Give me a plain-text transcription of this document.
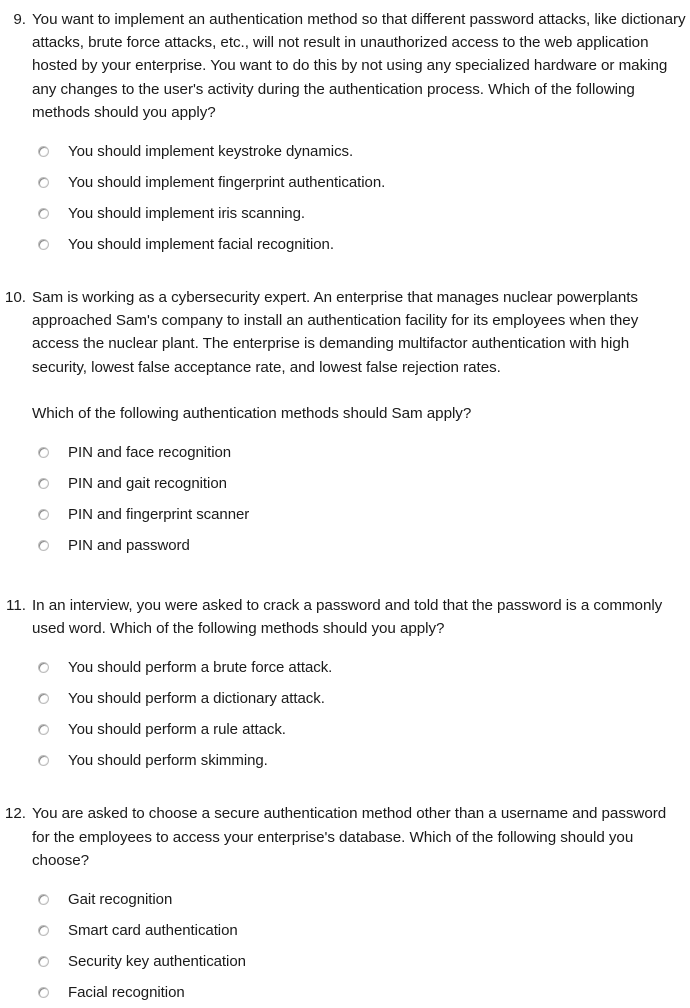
9. You want to implement an authentication method so that different password attacks, like dictionary attacks, brute force attacks, etc., will not result in unauthorized access to the web application hosted by your enterprise. You want to do this by not using any specialized hardware or making any changes to the user's activity during the authentication process. Which of the following methods should you apply?

You should implement keystroke dynamics.
You should implement fingerprint authentication.
You should implement iris scanning.
You should implement facial recognition.
10. Sam is working as a cybersecurity expert. An enterprise that manages nuclear powerplants approached Sam's company to install an authentication facility for its employees when they access the nuclear plant. The enterprise is demanding multifactor authentication with high security, lowest false acceptance rate, and lowest false rejection rates.

Which of the following authentication methods should Sam apply?

PIN and face recognition
PIN and gait recognition
PIN and fingerprint scanner
PIN and password
11. In an interview, you were asked to crack a password and told that the password is a commonly used word. Which of the following methods should you apply?

You should perform a brute force attack.
You should perform a dictionary attack.
You should perform a rule attack.
You should perform skimming.
12. You are asked to choose a secure authentication method other than a username and password for the employees to access your enterprise's database. Which of the following should you choose?

Gait recognition
Smart card authentication
Security key authentication
Facial recognition
